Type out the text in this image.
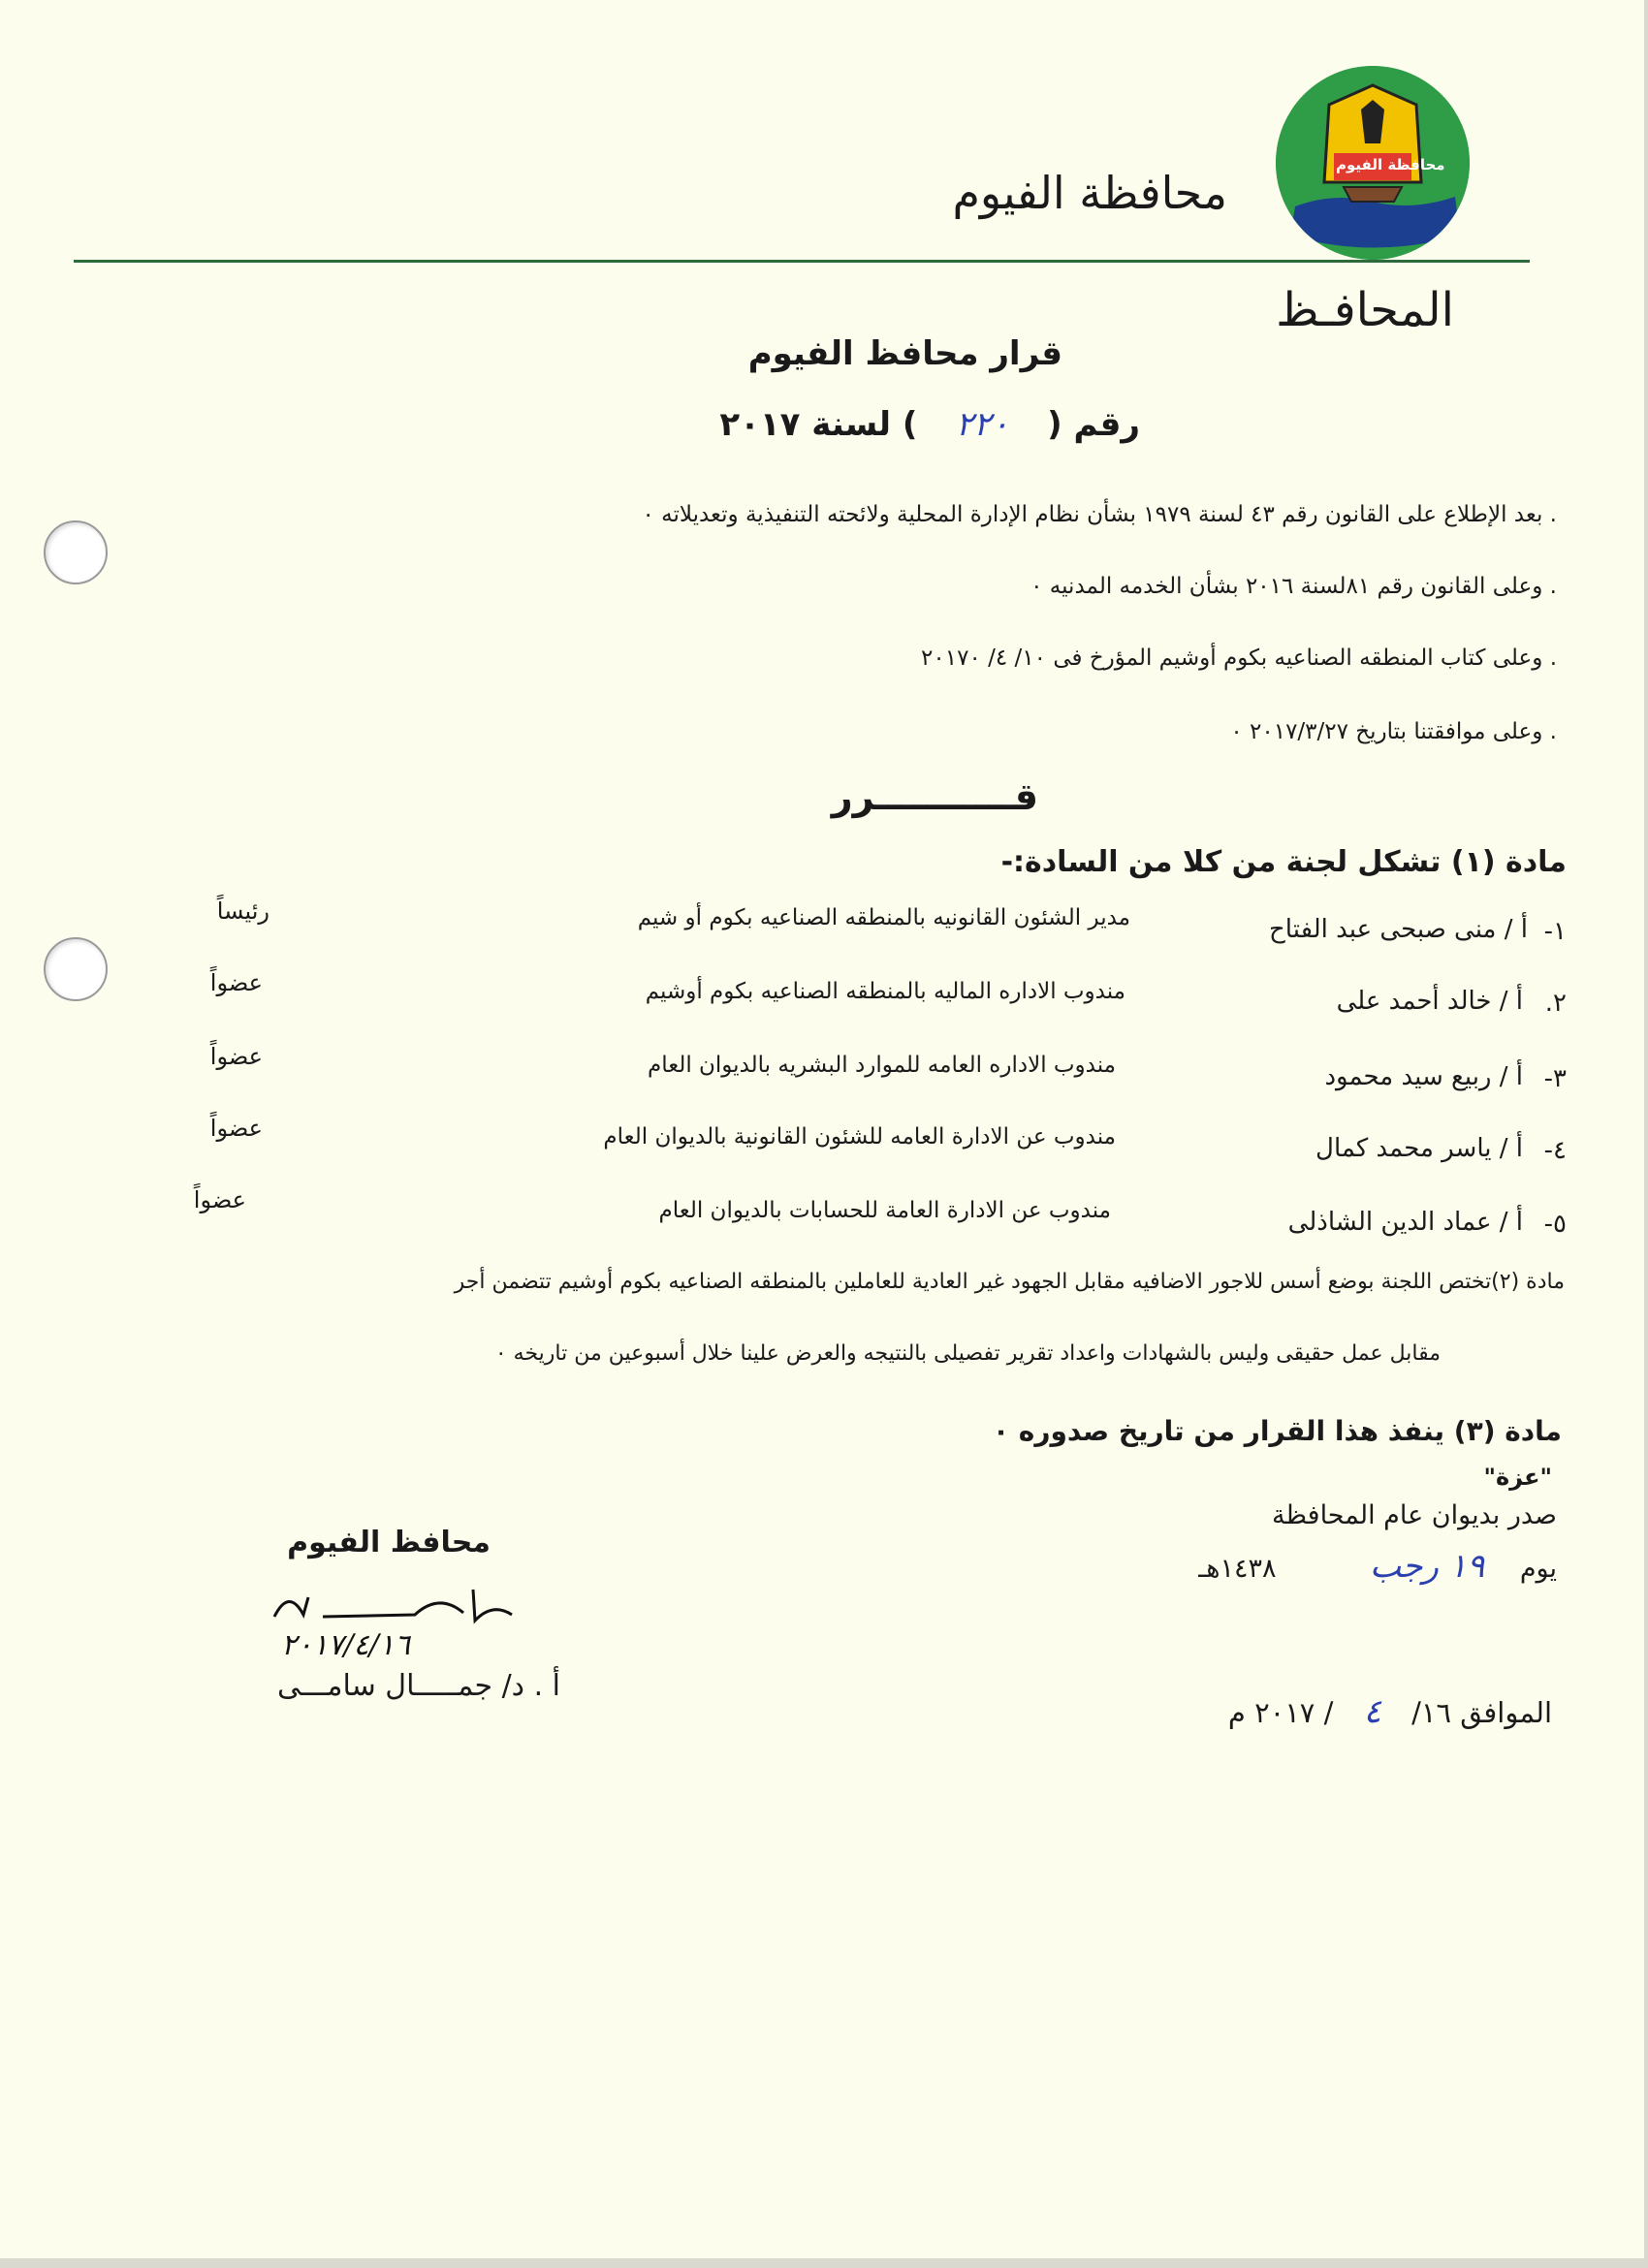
محافظة الفيوم
محافظة الفيوم
المحافـظ
قرار محافظ الفيوم
رقم ( ٢٢٠ ) لسنة ٢٠١٧
. بعد الإطلاع على القانون رقم ٤٣ لسنة ١٩٧٩ بشأن نظام الإدارة المحلية ولائحته التنفيذية وتعديلاته ٠
. وعلى القانون رقم ٨١لسنة ٢٠١٦ بشأن الخدمه المدنيه ٠
. وعلى كتاب المنطقه الصناعيه بكوم أوشيم المؤرخ فى ١٠/ ٤/ ٢٠١٧٠
. وعلى موافقتنا بتاريخ ٢٠١٧/٣/٢٧ ٠
قـــــــــــرر
مادة (١) تشكل لجنة من كلا من السادة:-
١-
أ / منى صبحى عبد الفتاح
مدير الشئون القانونيه بالمنطقه الصناعيه بكوم أو شيم
رئيساً
٢.
أ / خالد أحمد على
مندوب الاداره الماليه بالمنطقه الصناعيه بكوم أوشيم
عضواً
٣-
أ / ربيع سيد محمود
مندوب الاداره العامه للموارد البشريه بالديوان العام
عضواً
٤-
أ / ياسر محمد كمال
مندوب عن الادارة العامه للشئون القانونية بالديوان العام
عضواً
٥-
أ / عماد الدين الشاذلى
مندوب عن الادارة العامة للحسابات بالديوان العام
عضواً
مادة (٢)تختص اللجنة بوضع أسس للاجور الاضافيه مقابل الجهود غير العادية للعاملين بالمنطقه الصناعيه بكوم أوشيم تتضمن أجر
مقابل عمل حقيقى وليس بالشهادات واعداد تقرير تفصيلى بالنتيجه والعرض علينا خلال أسبوعين من تاريخه ٠
مادة (٣) ينفذ هذا القرار من تاريخ صدوره ٠
"عزة"
صدر بديوان عام المحافظة
يوم ١٩ رجب ١٤٣٨هـ
الموافق ١٦/ ٤ / ٢٠١٧ م
محافظ الفيوم
٢٠١٧/٤/١٦
أ . د/ جمـــــال سامـــى
